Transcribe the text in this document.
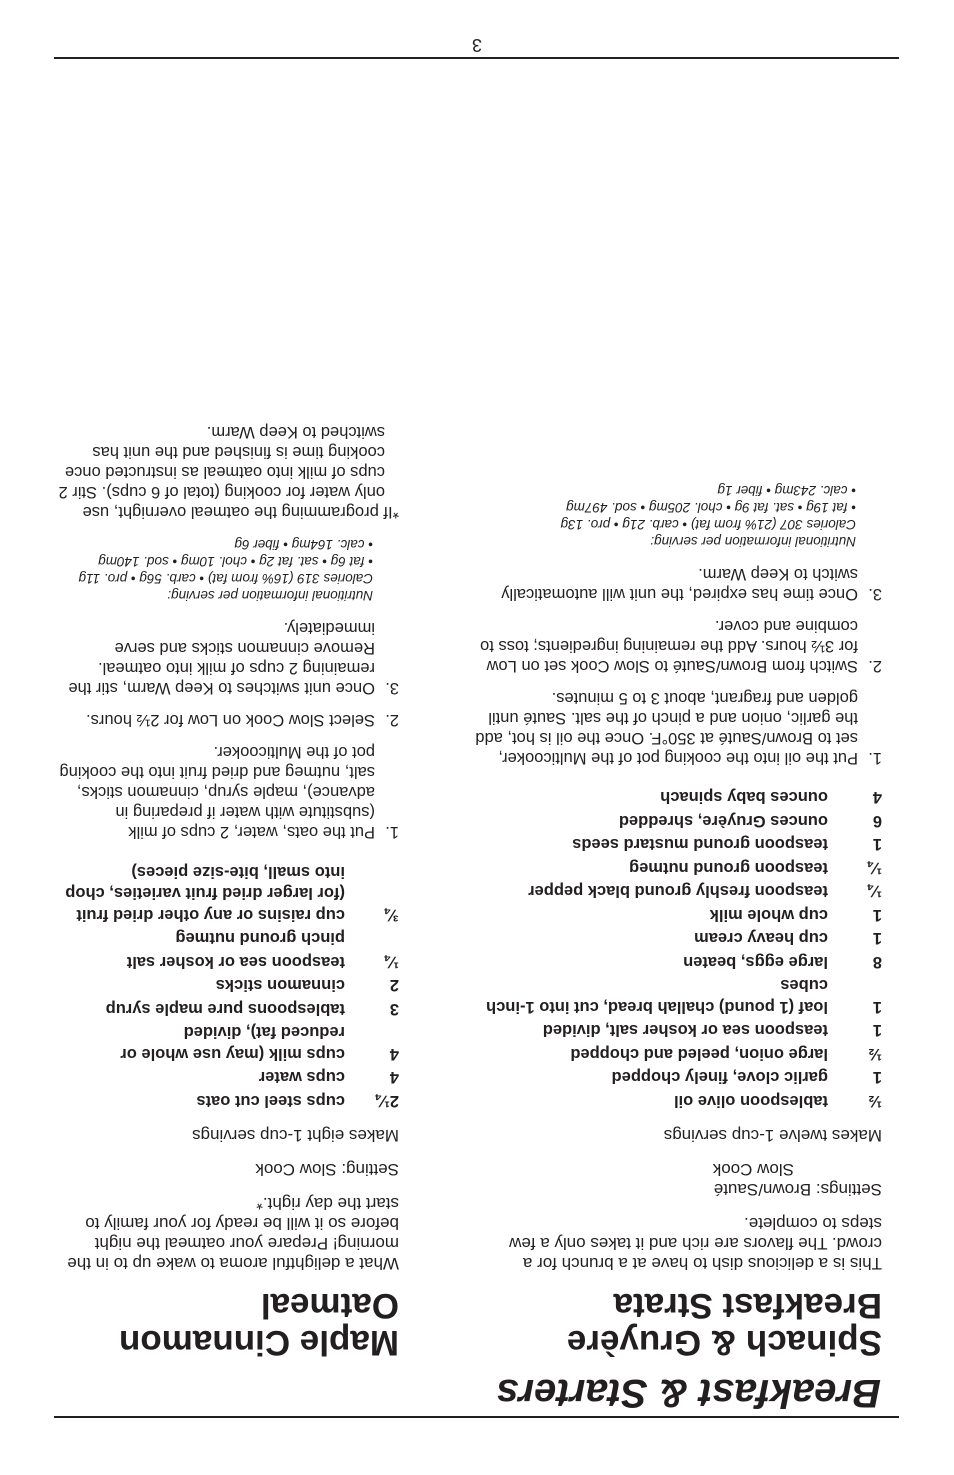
Breakfast & Starters
Spinach & Gruyère
Breakfast Strata

This is a delicious dish to have at a brunch for a crowd. The flavors are rich and it takes only a few steps to complete.

Settings: Brown/Sauté

Slow Cook

Makes twelve 1-cup servings

½	tablespoon olive oil
1	garlic clove, finely chopped
½	large onion, peeled and chopped
1	teaspoon sea or kosher salt, divided
1	loaf (1 pound) challah bread, cut into 1-inch cubes
8	large eggs, beaten
1	cup heavy cream
1	cup whole milk
¼	teaspoon freshly ground black pepper
¼	teaspoon ground nutmeg
1	teaspoon ground mustard seeds
6	ounces Gruyère, shredded
4	ounces baby spinach
1.
Put the oil into the cooking pot of the Multicooker, set to Brown/Sauté at 350°F. Once the oil is hot, add the garlic, onion and a pinch of the salt. Sauté until golden and fragrant, about 3 to 5 minutes.
2.
Switch from Brown/Sauté to Slow Cook set on Low for 3½ hours. Add the remaining ingredients; toss to combine and cover.
3.
Once time has expired, the unit will automatically switch to Keep Warm.

Nutritional information per serving:

Calories 307 (21% from fat) • carb. 21g • pro. 13g

• fat 19g • sat. fat 9g • chol. 205mg • sod. 497mg

• calc. 243mg • fiber 1g

Maple Cinnamon
Oatmeal

What a delightful aroma to wake up to in the morning! Prepare your oatmeal the night before so it will be ready for your family to start the day right.*

Setting: Slow Cook

Makes eight 1-cup servings

2¼	cups steel cut oats
4	cups water
4	cups milk (may use whole or reduced fat), divided
3	tablespoons pure maple syrup
2	cinnamon sticks
¼	teaspoon sea or kosher salt
	pinch ground nutmeg
¾	cup raisins or any other dried fruit (for larger dried fruit varieties, chop into small, bite-size pieces)
1.
Put the oats, water, 2 cups of milk (substitute with water if preparing in advance), maple syrup, cinnamon sticks, salt, nutmeg and dried fruit into the cooking pot of the Multicooker.
2.
Select Slow Cook on Low for 2½ hours.
3.
Once unit switches to Keep Warm, stir the remaining 2 cups of milk into oatmeal. Remove cinnamon sticks and serve immediately.

Nutritional information per serving:

Calories 319 (16% from fat) • carb. 56g • pro. 11g

• fat 6g • sat. fat 2g • chol. 10mg • sod. 140mg

• calc. 164mg • fiber 6g

*If programming the oatmeal overnight, use only water for cooking (total of 6 cups). Stir 2 cups of milk into oatmeal as instructed once cooking time is finished and the unit has switched to Keep Warm.

3
